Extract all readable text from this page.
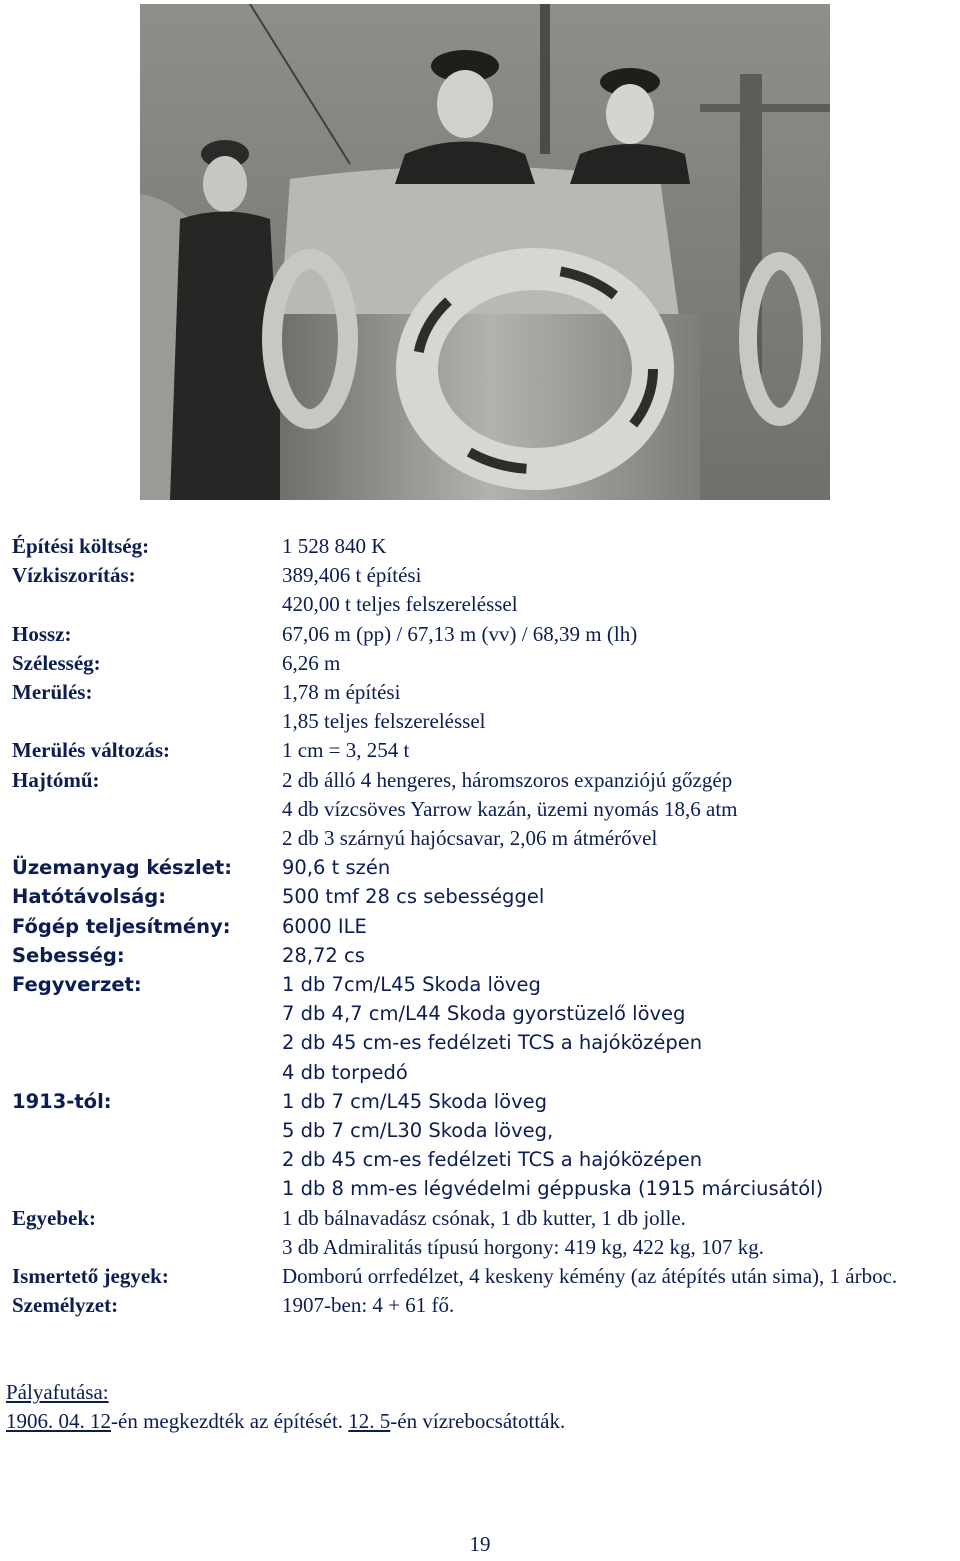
Építési költség:	1 528 840 K
Vízkiszorítás:	389,406 t építési
420,00 t teljes felszereléssel
Hossz:	67,06 m (pp) / 67,13 m (vv) / 68,39 m (lh)
Szélesség:	6,26 m
Merülés:	1,78 m építési
1,85 teljes felszereléssel
Merülés változás:	1 cm = 3, 254 t
Hajtómű:	2 db álló 4 hengeres, háromszoros expanziójú gőzgép
4 db vízcsöves Yarrow kazán, üzemi nyomás 18,6 atm
2 db 3 szárnyú hajócsavar, 2,06 m átmérővel
Üzemanyag készlet:	90,6 t szén
Hatótávolság:	500 tmf 28 cs sebességgel
Főgép teljesítmény:	6000 ILE
Sebesség:	28,72 cs
Fegyverzet:	1 db 7cm/L45 Skoda löveg
7 db 4,7 cm/L44 Skoda gyorstüzelő löveg
2 db 45 cm-es fedélzeti TCS a hajóközépen
4 db torpedó
1913-tól:	1 db 7 cm/L45 Skoda löveg
5 db 7 cm/L30 Skoda löveg,
2 db 45 cm-es fedélzeti TCS a hajóközépen
1 db 8 mm-es légvédelmi géppuska (1915 márciusától)
Egyebek:	1 db bálnavadász csónak, 1 db kutter, 1 db jolle.
3 db Admiralitás típusú horgony: 419 kg, 422 kg, 107 kg.
Ismertető jegyek:	Domború orrfedélzet, 4 keskeny kémény (az átépítés után sima), 1 árboc.
Személyzet:	1907-ben: 4 + 61 fő.
Pályafutása:
1906. 04. 12-én megkezdték az építését. 12. 5-én vízrebocsátották.
19
